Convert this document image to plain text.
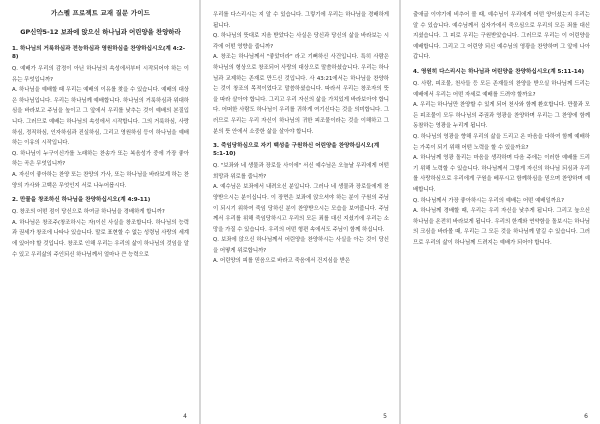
가스펠 프로젝트 교재 질문 가이드
GP신약5-12 보좌에 앉으신 하나님과 어린양을 찬양하라
1. 하나님의 거룩하심과 전능하심과 영원하심을 찬양하십시오(계 4:2-8)
Q. 예배가 우리의 감정이 아닌 하나님의 속성에서부터 시작되어야 하는 이유는 무엇입니까?
A. 하나님을 예배할 때 우리는 예배의 이유를 찾을 수 있습니다. 예배의 대상은 하나님입니다. 우리는 하나님께 예배합니다. 하나님의 거룩하심과 위대하심을 바라보고 주님을 높이고 그 앞에서 우리를 낮추는 것이 예배의 본질입니다. 그러므로 예배는 하나님의 속성에서 시작합니다. 그의 거룩하심, 사랑하심, 정직하심, 인자하심과 진실하심, 그리고 영원하심 등이 하나님을 예배하는 이유의 시작입니다.
Q. 하나님이 누구이신가를 노래하는 찬송가 또는 복음성가 중에 가장 좋아하는 곡은 무엇입니까?
A. 자신이 좋아하는 찬양 또는 찬양의 가사, 또는 하나님을 바라보게 하는 찬양의 가사와 고백은 무엇인지 서로 나누어봅시다.
2. 만물을 창조하신 하나님을 찬양하십시오(계 4:9-11)
Q. 창조의 어떤 점이 당신으로 하여금 하나님을 경배하게 합니까?
A. 하나님은 창조주(창조하시는 자)이신 사실을 창조합니다. 하나님의 능력과 권세가 창조에 나타나 있습니다. 말로 표현할 수 없는 성령님 사랑의 세계에 있어야 할 것입니다. 창조로 인해 우리는 우리의 삶이 하나님의 것임을 알 수 있고 우리삶의 주인되신 하나님께서 얼마나 큰 능력으로
4
우리를 다스리시는 지 알 수 있습니다. 그렇기에 우리는 하나님을 경배하게 됩니다.
Q. 하나님의 뜻대로 지음 받았다는 사실은 당신과 당신의 삶을 바라보는 시각에 어떤 영향을 줍니까?
A. 창조는 하나님께서 "좋았더라" 라고 기뻐하신 사건입니다. 특히 사람은 하나님의 형상으로 창조되어 사랑의 대상으로 말씀하셨습니다. 우리는 하나님과 교제하는 존재로 만드신 것입니다. 사 43:21에서는 하나님을 찬양하는 것이 창조의 목적이었다고 말씀하셨습니다. 따라서 우리는 창조자의 뜻을 따라 살아야 합니다. 그리고 우리 자신의 삶을 가치있게 바라보아야 합니다. 어떠한 사람도 하나님이 우리를 귀하게 여기신다는 것을 의미합니다. 그러므로 우리는 우리 자신이 하나님의 귀한 피조물이라는 것을 이해하고 그분의 뜻 안에서 소중한 삶을 살아야 합니다.
3. 죽임당하심으로 자기 백성을 구원하신 어린양을 찬양하십시오(계 5:1-10)
Q. "보좌와 네 생물과 장로들 사이에" 서신 예수님은 오늘날 우리에게 어떤 희망과 위로를 줍니까?
A. 예수님은 보좌에서 내려오신 분입니다. 그러나 네 생물과 장로들에게 찬양받으시는 분이십니다. 이 장면은 보좌에 앉으셔야 하는 분이 구원의 주님이 되시기 위하여 죽임 당하신 분이 찬양받으시는 모습을 보여줍니다. 주님께서 우리를 위해 죽임당하시고 우리의 모든 죄를 대신 지셨기에 우리는 소망을 가질 수 있습니다. 우리의 어떤 형편 속에서도 주님이 함께 하십니다.
Q. 보좌에 앉으신 하나님께서 어린양을 찬양하시는 사실을 아는 것이 당신을 어떻게 위로합니까?
A. 어린양의 피를 믿음으로 바라고 죽음에서 건지심을 받은
5
출애굽 이야기에 비추어 볼 때, 예수님이 우리에게 어떤 양이셨는지 우리는 알 수 있습니다. 예수님께서 십자가에서 죽으심으로 우리의 모든 죄를 대신 지셨습니다. 그 피로 우리는 구원받았습니다. 그러므로 우리는 이 어린양을 예배합니다. 그리고 그 어린양 되신 예수님의 영광을 찬양하며 그 앞에 나아갑니다.
4. 영원히 다스리시는 하나님과 어린양을 찬양하십시오(계 5:11-14)
Q. 사람, 피조물, 천사들 등 모든 존재들의 찬양을 받으실 하나님께 드리는 예배에서 우리는 어떤 자세로 예배를 드려야 할까요?
A. 우리는 하나님만 찬양할 수 있게 되어 천사와 함께 환호합니다. 만물과 모든 피조물이 모두 하나님의 주권과 영광을 찬양하며 우리는 그 찬양에 함께 동참하는 영광을 누리게 됩니다.
Q. 하나님의 영광을 향해 우리의 삶을 드리고 온 마음을 다하여 함께 예배하는 가족이 되기 위해 어떤 노력을 할 수 있을까요?
A. 하나님께 영광 돌리는 마음을 생각하며 다음 주에는 이러한 예배를 드리기 위해 노력할 수 있습니다. 하나님께서 그렇게 자신의 하나님 되심과 우리를 사랑하심으로 우리에게 구원을 베푸시고 함께하심을 믿으며 찬양하며 예배합니다.
Q. 하나님께서 가장 좋아하시는 우리의 예배는 어떤 예배일까요?
A. 하나님께 경배할 때, 우리는 우리 자신을 낮추게 됩니다. 그리고 높으신 하나님을 온전히 바라보게 됩니다. 우리의 한계와 연약함을 돌보시는 하나님의 크심을 바라볼 때, 우리는 그 모든 것을 하나님께 맡길 수 있습니다. 그러므로 우리의 삶이 하나님께 드려지는 예배가 되어야 합니다.
6
